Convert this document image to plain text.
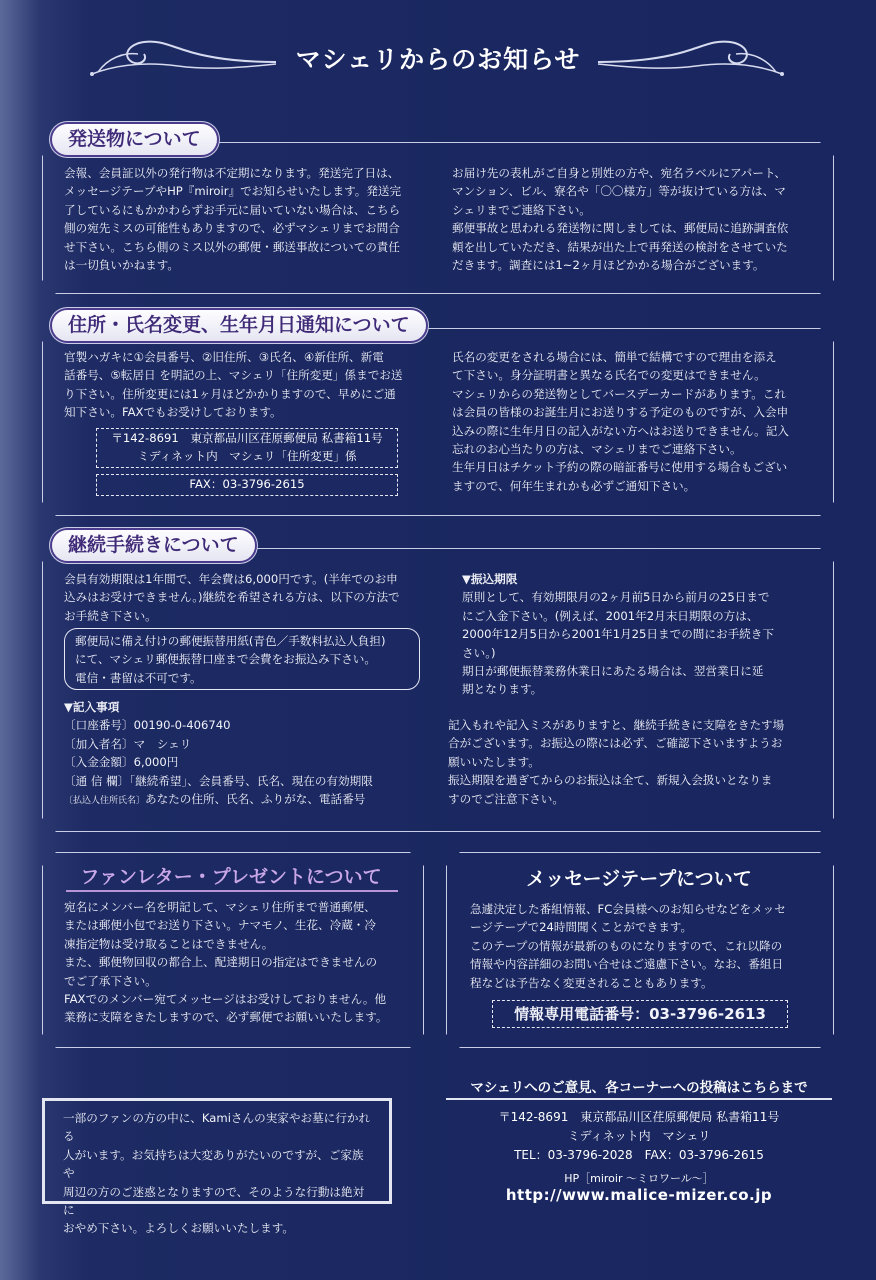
マシェリからのお知らせ
発送物について

会報、会員証以外の発行物は不定期になります。発送完了日は、

メッセージテープやHP『miroir』でお知らせいたします。発送完

了しているにもかかわらずお手元に届いていない場合は、こちら

側の宛先ミスの可能性もありますので、必ずマシェリまでお問合

せ下さい。こちら側のミス以外の郵便・郵送事故についての責任

は一切負いかねます。

お届け先の表札がご自身と別姓の方や、宛名ラベルにアパート、

マンション、ビル、寮名や「〇〇様方」等が抜けている方は、マ

シェリまでご連絡下さい。

郵便事故と思われる発送物に関しましては、郵便局に追跡調査依

頼を出していただき、結果が出た上で再発送の検討をさせていた

だきます。調査には1~2ヶ月ほどかかる場合がございます。

住所・氏名変更、生年月日通知について

官製ハガキに①会員番号、②旧住所、③氏名、④新住所、新電

話番号、⑤転居日 を明記の上、マシェリ「住所変更」係までお送

り下さい。住所変更には1ヶ月ほどかかりますので、早めにご通

知下さい。FAXでもお受けしております。

〒142-8691　東京都品川区荏原郵便局 私書箱11号
ミディネット内　マシェリ「住所変更」係
FAX：03-3796-2615

氏名の変更をされる場合には、簡単で結構ですので理由を添え

て下さい。身分証明書と異なる氏名での変更はできません。

マシェリからの発送物としてバースデーカードがあります。これ

は会員の皆様のお誕生月にお送りする予定のものですが、入会申

込みの際に生年月日の記入がない方へはお送りできません。記入

忘れのお心当たりの方は、マシェリまでご連絡下さい。

生年月日はチケット予約の際の暗証番号に使用する場合もござい

ますので、何年生まれかも必ずご通知下さい。

継続手続きについて

会員有効期限は1年間で、年会費は6,000円です。(半年でのお申

込みはお受けできません。)継続を希望される方は、以下の方法で

お手続き下さい。

郵便局に備え付けの郵便振替用紙(青色／手数料払込人負担)
にて、マシェリ郵便振替口座まで会費をお振込み下さい。
電信・書留は不可です。

▼記入事項

〔口座番号〕00190-0-406740

〔加入者名〕マ　シェリ

〔入金金額〕6,000円

〔通 信 欄〕「継続希望」、会員番号、氏名、現在の有効期限

〔払込人住所氏名〕あなたの住所、氏名、ふりがな、電話番号

▼振込期限

原則として、有効期限月の2ヶ月前5日から前月の25日まで

にご入金下さい。(例えば、2001年2月末日期限の方は、

2000年12月5日から2001年1月25日までの間にお手続き下

さい。)

期日が郵便振替業務休業日にあたる場合は、翌営業日に延

期となります。

記入もれや記入ミスがありますと、継続手続きに支障をきたす場

合がございます。お振込の際には必ず、ご確認下さいますようお

願いいたします。

振込期限を過ぎてからのお振込は全て、新規入会扱いとなりま

すのでご注意下さい。

ファンレター・プレゼントについて

宛名にメンバー名を明記して、マシェリ住所まで普通郵便、

または郵便小包でお送り下さい。ナマモノ、生花、冷蔵・冷

凍指定物は受け取ることはできません。

また、郵便物回収の都合上、配達期日の指定はできませんの

でご了承下さい。

FAXでのメンバー宛てメッセージはお受けしておりません。他

業務に支障をきたしますので、必ず郵便でお願いいたします。

メッセージテープについて

急遽決定した番組情報、FC会員様へのお知らせなどをメッセ

ージテープで24時間聞くことができます。

このテープの情報が最新のものになりますので、これ以降の

情報や内容詳細のお問い合せはご遠慮下さい。なお、番組日

程などは予告なく変更されることもあります。

情報専用電話番号：03-3796-2613
一部のファンの方の中に、Kamiさんの実家やお墓に行かれる
人がいます。お気持ちは大変ありがたいのですが、ご家族や
周辺の方のご迷惑となりますので、そのような行動は絶対に
おやめ下さい。よろしくお願いいたします。
マシェリへのご意見、各コーナーへの投稿はこちらまで
〒142-8691　東京都品川区荏原郵便局 私書箱11号
ミディネット内　マシェリ
TEL：03-3796-2028　FAX：03-3796-2615
HP［miroir ～ミロワール～］
http://www.malice-mizer.co.jp
